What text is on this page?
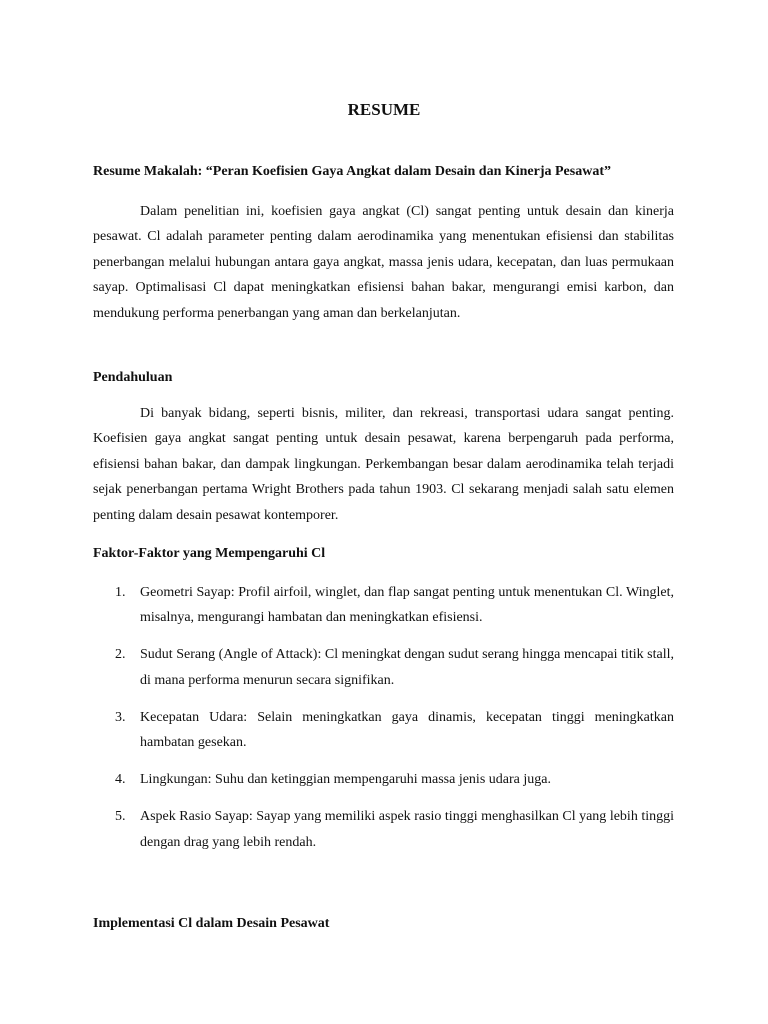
RESUME

Resume Makalah: “Peran Koefisien Gaya Angkat dalam Desain dan Kinerja Pesawat”

Dalam penelitian ini, koefisien gaya angkat (Cl) sangat penting untuk desain dan kinerja pesawat. Cl adalah parameter penting dalam aerodinamika yang menentukan efisiensi dan stabilitas penerbangan melalui hubungan antara gaya angkat, massa jenis udara, kecepatan, dan luas permukaan sayap. Optimalisasi Cl dapat meningkatkan efisiensi bahan bakar, mengurangi emisi karbon, dan mendukung performa penerbangan yang aman dan berkelanjutan.

Pendahuluan

Di banyak bidang, seperti bisnis, militer, dan rekreasi, transportasi udara sangat penting. Koefisien gaya angkat sangat penting untuk desain pesawat, karena berpengaruh pada performa, efisiensi bahan bakar, dan dampak lingkungan. Perkembangan besar dalam aerodinamika telah terjadi sejak penerbangan pertama Wright Brothers pada tahun 1903. Cl sekarang menjadi salah satu elemen penting dalam desain pesawat kontemporer.

Faktor-Faktor yang Mempengaruhi Cl
1. Geometri Sayap: Profil airfoil, winglet, dan flap sangat penting untuk menentukan Cl. Winglet, misalnya, mengurangi hambatan dan meningkatkan efisiensi.
2. Sudut Serang (Angle of Attack): Cl meningkat dengan sudut serang hingga mencapai titik stall, di mana performa menurun secara signifikan.
3. Kecepatan Udara: Selain meningkatkan gaya dinamis, kecepatan tinggi meningkatkan hambatan gesekan.
4. Lingkungan: Suhu dan ketinggian mempengaruhi massa jenis udara juga.
5. Aspek Rasio Sayap: Sayap yang memiliki aspek rasio tinggi menghasilkan Cl yang lebih tinggi dengan drag yang lebih rendah.
Implementasi Cl dalam Desain Pesawat
